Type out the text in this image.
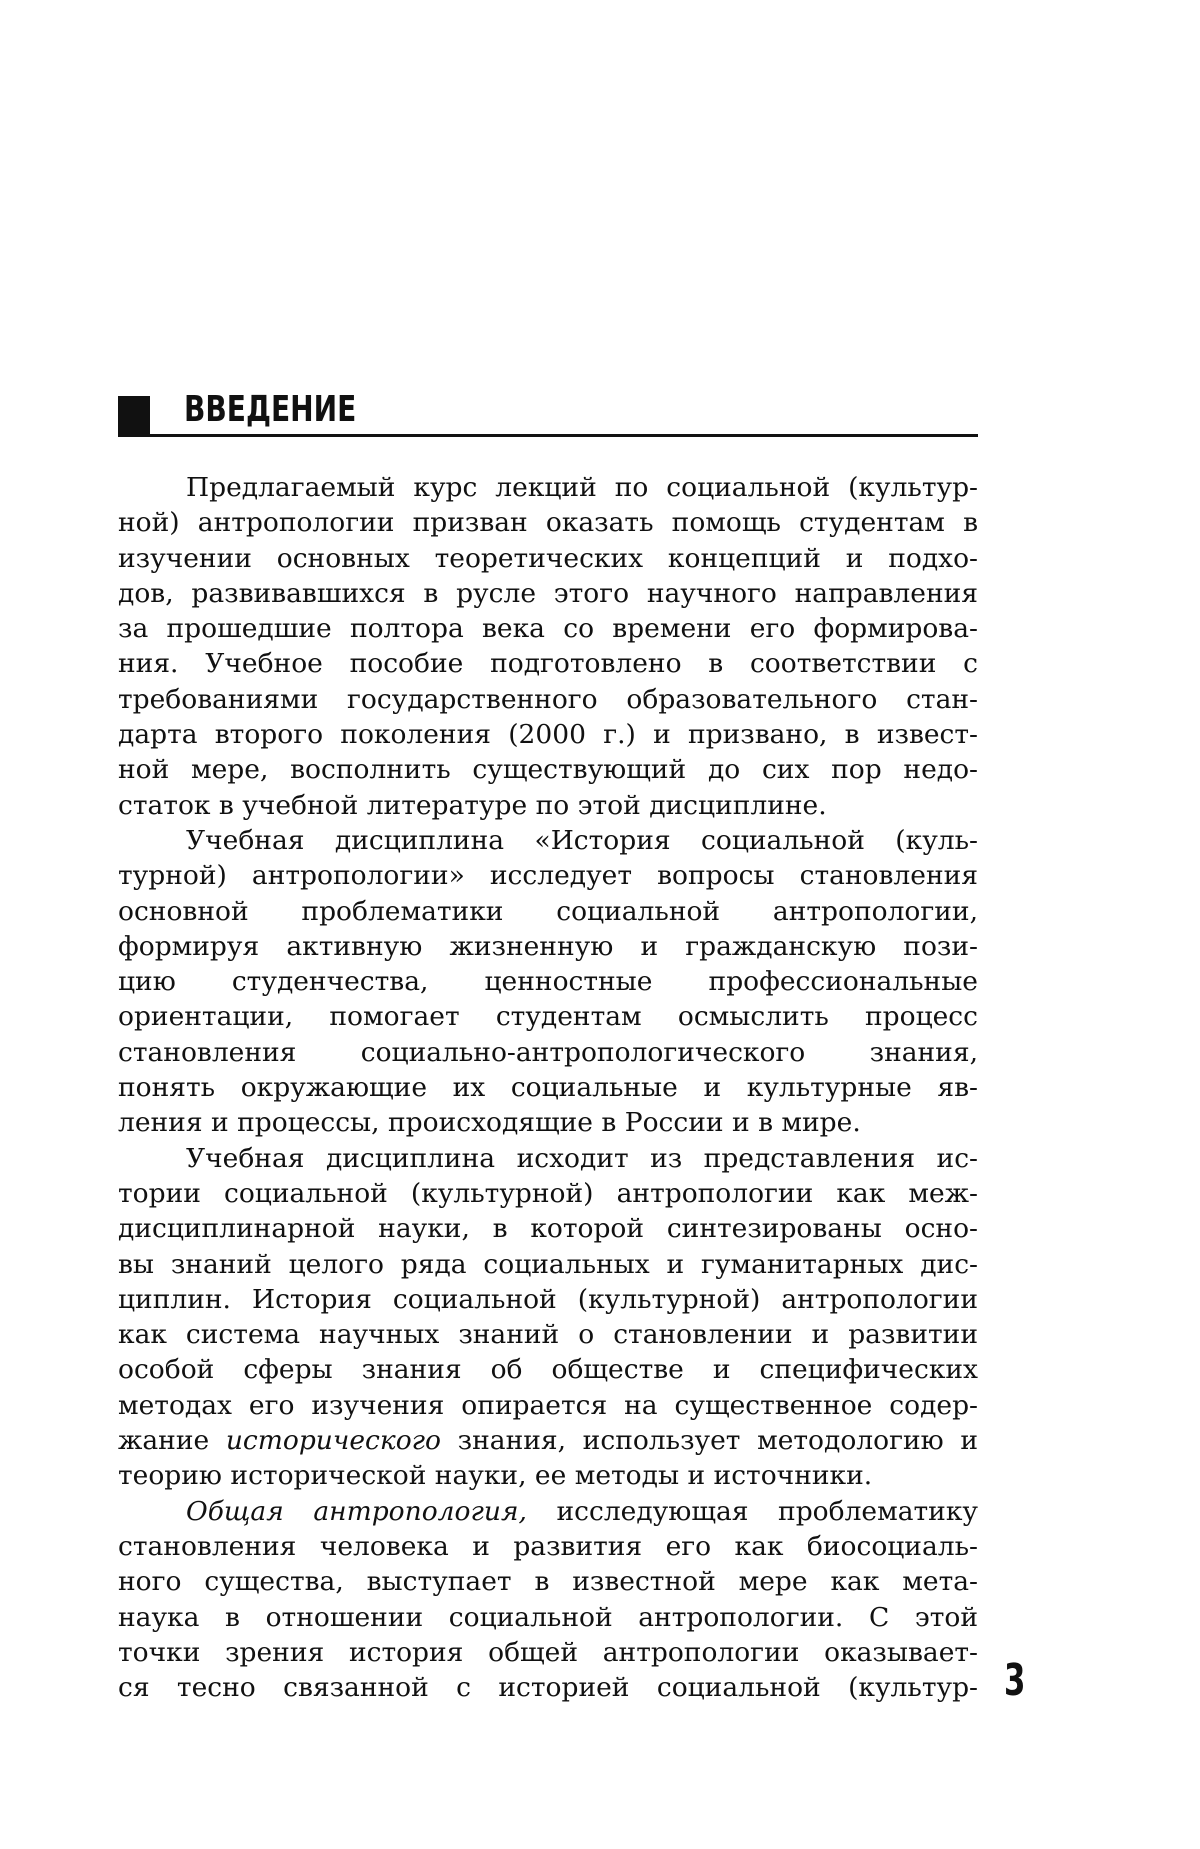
ВВЕДЕНИЕ
Предлагаемый курс лекций по социальной (культур-
ной) антропологии призван оказать помощь студентам в
изучении основных теоретических концепций и подхо-
дов, развивавшихся в русле этого научного направления
за прошедшие полтора века со времени его формирова-
ния. Учебное пособие подготовлено в соответствии с
требованиями государственного образовательного стан-
дарта второго поколения (2000 г.) и призвано, в извест-
ной мере, восполнить существующий до сих пор недо-
статок в учебной литературе по этой дисциплине.
Учебная дисциплина «История социальной (куль-
турной) антропологии» исследует вопросы становления
основной проблематики социальной антропологии,
формируя активную жизненную и гражданскую пози-
цию студенчества, ценностные профессиональные
ориентации, помогает студентам осмыслить процесс
становления социально-антропологического знания,
понять окружающие их социальные и культурные яв-
ления и процессы, происходящие в России и в мире.
Учебная дисциплина исходит из представления ис-
тории социальной (культурной) антропологии как меж-
дисциплинарной науки, в которой синтезированы осно-
вы знаний целого ряда социальных и гуманитарных дис-
циплин. История социальной (культурной) антропологии
как система научных знаний о становлении и развитии
особой сферы знания об обществе и специфических
методах его изучения опирается на существенное содер-
жание исторического знания, использует методологию и
теорию исторической науки, ее методы и источники.
Общая антропология, исследующая проблематику
становления человека и развития его как биосоциаль-
ного существа, выступает в известной мере как мета-
наука в отношении социальной антропологии. С этой
точки зрения история общей антропологии оказывает-
ся тесно связанной с историей социальной (культур- 3
